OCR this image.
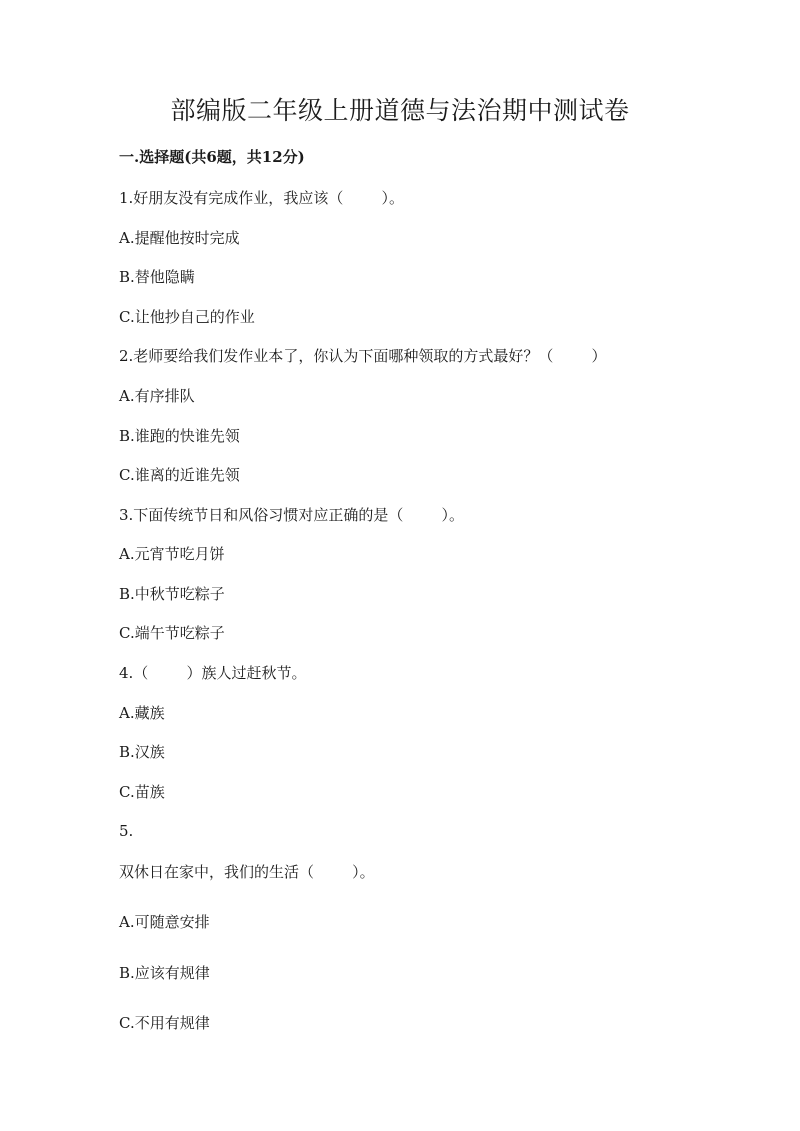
部编版二年级上册道德与法治期中测试卷
一.选择题(共6题，共12分)
1.好朋友没有完成作业，我应该（        ）。
A.提醒他按时完成
B.替他隐瞒
C.让他抄自己的作业
2.老师要给我们发作业本了，你认为下面哪种领取的方式最好？（        ）
A.有序排队
B.谁跑的快谁先领
C.谁离的近谁先领
3.下面传统节日和风俗习惯对应正确的是（        ）。
A.元宵节吃月饼
B.中秋节吃粽子
C.端午节吃粽子
4.（        ）族人过赶秋节。
A.藏族
B.汉族
C.苗族
5.
双休日在家中，我们的生活（        ）。
A.可随意安排
B.应该有规律
C.不用有规律
